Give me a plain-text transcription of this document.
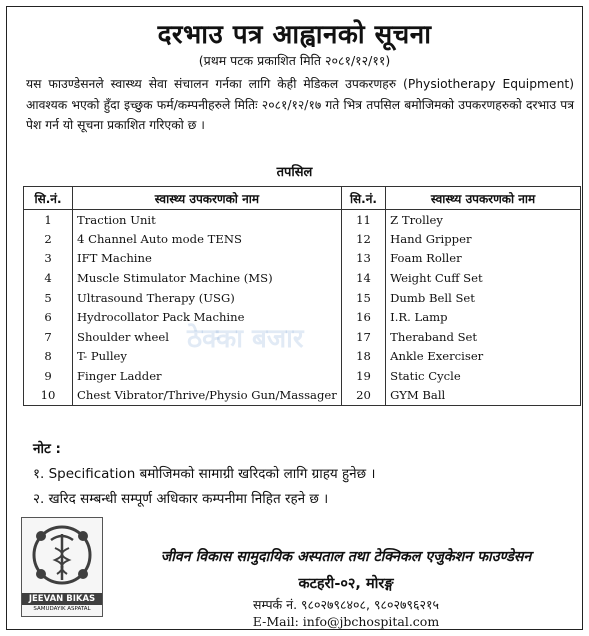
दरभाउ पत्र आह्वानको सूचना
(प्रथम पटक प्रकाशित मिति २०८१/१२/११)
यस फाउण्डेसनले स्वास्थ्य सेवा संचालन गर्नका लागि केही मेडिकल उपकरणहरु (Physiotherapy Equipment) आवश्यक भएको हुँदा इच्छुक फर्म/कम्पनीहरुले मितिः २०८१/१२/१७ गते भित्र तपसिल बमोजिमको उपकरणहरुको दरभाउ पत्र पेश गर्न यो सूचना प्रकाशित गरिएको छ ।
तपसिल
सि.नं.	स्वास्थ्य उपकरणको नाम	सि.नं.	स्वास्थ्य उपकरणको नाम
1	Traction Unit	11	Z Trolley
2	4 Channel Auto mode TENS	12	Hand Gripper
3	IFT Machine	13	Foam Roller
4	Muscle Stimulator Machine (MS)	14	Weight Cuff Set
5	Ultrasound Therapy (USG)	15	Dumb Bell Set
6	Hydrocollator Pack Machine	16	I.R. Lamp
7	Shoulder wheel	17	Theraband Set
8	T- Pulley	18	Ankle Exerciser
9	Finger Ladder	19	Static Cycle
10	Chest Vibrator/Thrive/Physio Gun/Massager	20	GYM Ball
ठेक्का बजार
नोट :
१. Specification बमोजिमको सामाग्री खरिदको लागि ग्राहय हुनेछ ।
२. खरिद सम्बन्धी सम्पूर्ण अधिकार कम्पनीमा निहित रहने छ ।
JEEVAN BIKAS
SAMUDAYIK ASPATAL
जीवन विकास सामुदायिक अस्पताल तथा टेक्निकल एजुकेशन फाउण्डेसन
कटहरी-०२, मोरङ्ग
सम्पर्क नं. ९८०२७९८४०८, ९८०२७९६२१५
E-Mail: info@jbchospital.com
